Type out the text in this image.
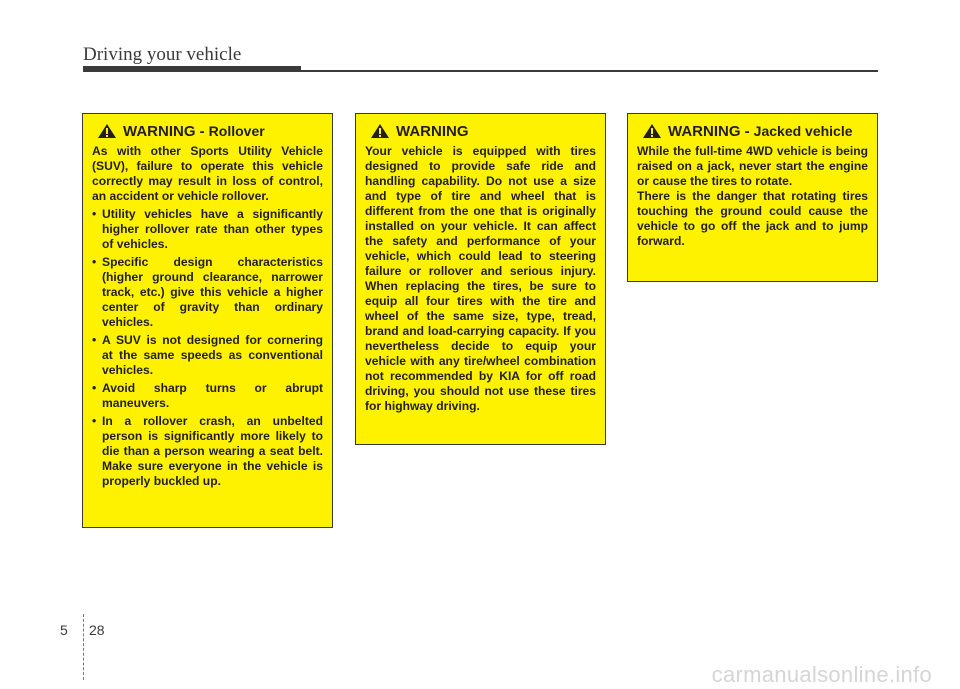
Driving your vehicle
WARNING - Rollover

As with other Sports Utility Vehicle (SUV), failure to operate this vehicle correctly may result in loss of control, an accident or vehicle rollover.

• Utility vehicles have a significantly higher rollover rate than other types of vehicles.
• Specific design characteristics (higher ground clearance, narrower track, etc.) give this vehicle a higher center of gravity than ordinary vehicles.
• A SUV is not designed for cornering at the same speeds as conventional vehicles.
• Avoid sharp turns or abrupt maneuvers.
• In a rollover crash, an unbelted person is significantly more likely to die than a person wearing a seat belt. Make sure everyone in the vehicle is properly buckled up.
WARNING

Your vehicle is equipped with tires designed to provide safe ride and handling capability. Do not use a size and type of tire and wheel that is different from the one that is originally installed on your vehicle. It can affect the safety and performance of your vehicle, which could lead to steering failure or rollover and serious injury. When replacing the tires, be sure to equip all four tires with the tire and wheel of the same size, type, tread, brand and load-carrying capacity. If you nevertheless decide to equip your vehicle with any tire/wheel combination not recommended by KIA for off road driving, you should not use these tires for highway driving.

WARNING - Jacked vehicle

While the full-time 4WD vehicle is being raised on a jack, never start the engine or cause the tires to rotate.

There is the danger that rotating tires touching the ground could cause the vehicle to go off the jack and to jump forward.

5 28
carmanualsonline.info
